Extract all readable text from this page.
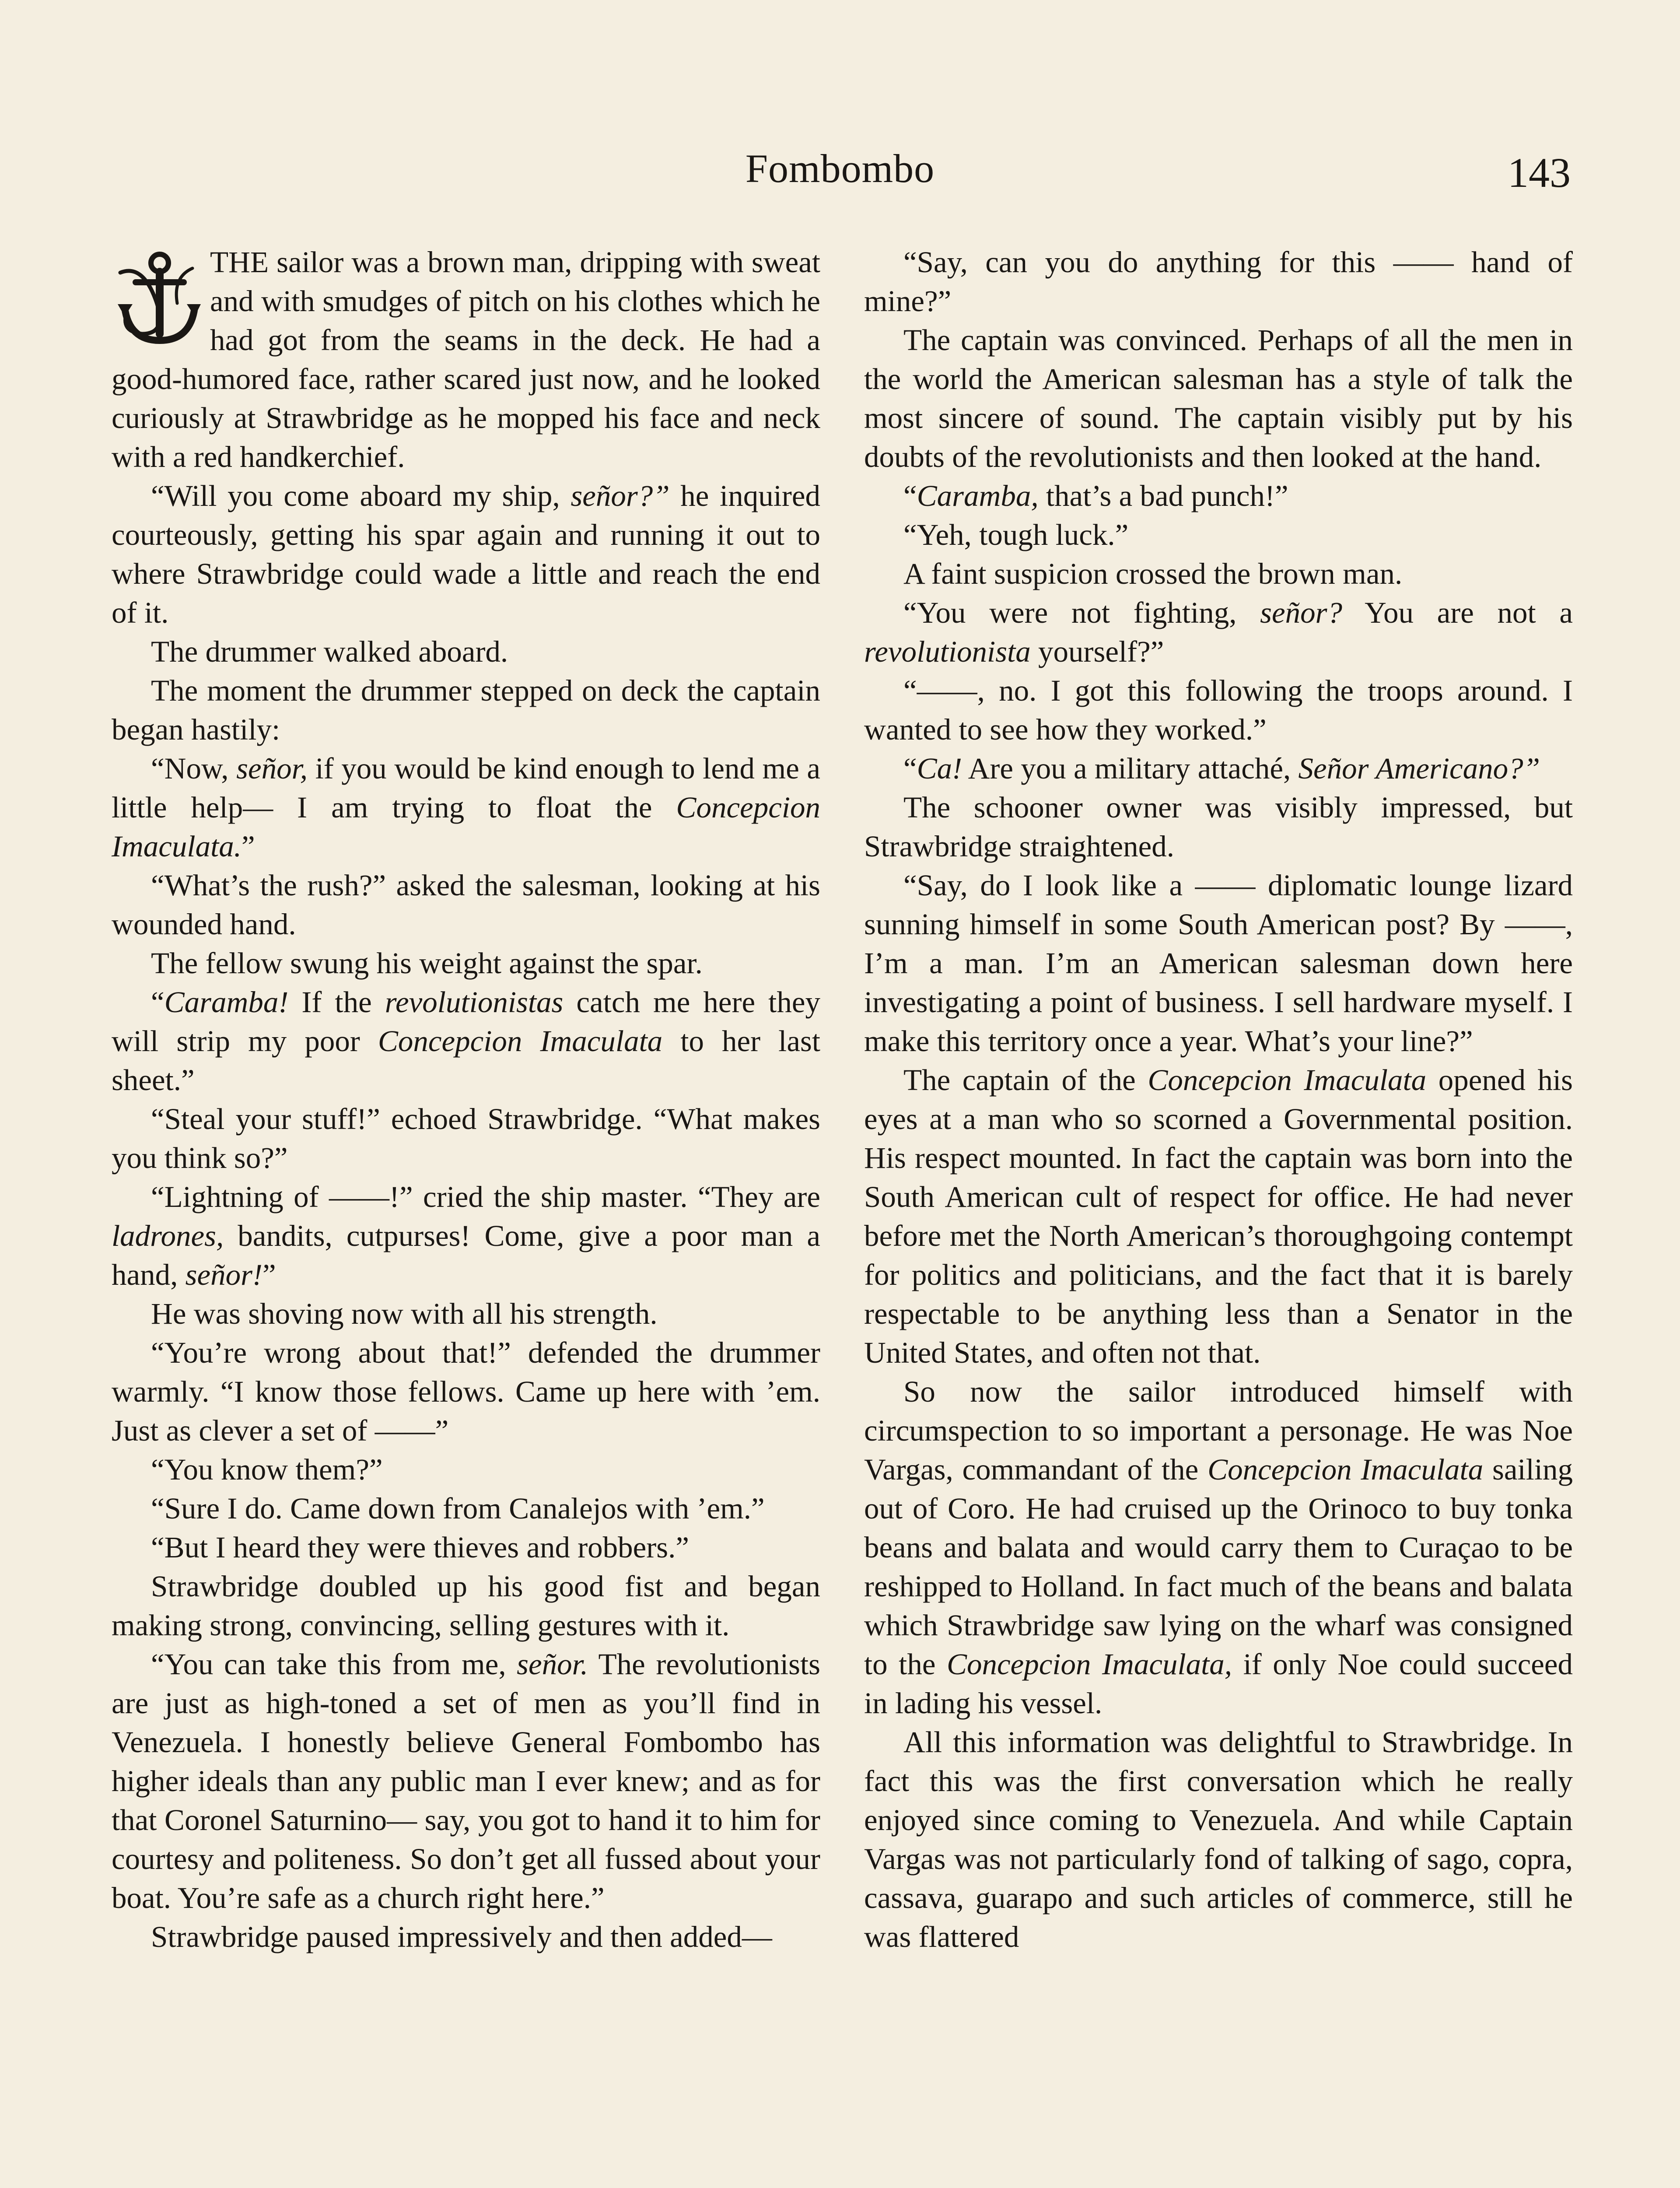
Fombombo	143

THE sailor was a brown man, dripping with sweat and with smudges of pitch on his clothes which he had got from the seams in the deck. He had a good-humored face, rather scared just now, and he looked curiously at Strawbridge as he mopped his face and neck with a red handkerchief.

“Will you come aboard my ship, señor?” he inquired courteously, getting his spar again and running it out to where Strawbridge could wade a little and reach the end of it.

The drummer walked aboard.

The moment the drummer stepped on deck the captain began hastily:

“Now, señor, if you would be kind enough to lend me a little help— I am trying to float the Concepcion Imaculata.”

“What’s the rush?” asked the salesman, looking at his wounded hand.

The fellow swung his weight against the spar.

“Caramba! If the revolutionistas catch me here they will strip my poor Concepcion Imaculata to her last sheet.”

“Steal your stuff!” echoed Strawbridge. “What makes you think so?”

“Lightning of ——!” cried the ship master. “They are ladrones, bandits, cutpurses! Come, give a poor man a hand, señor!”

He was shoving now with all his strength.

“You’re wrong about that!” defended the drummer warmly. “I know those fellows. Came up here with ’em. Just as clever a set of ——”

“You know them?”

“Sure I do. Came down from Canalejos with ’em.”

“But I heard they were thieves and robbers.”

Strawbridge doubled up his good fist and began making strong, convincing, selling gestures with it.

“You can take this from me, señor. The revolutionists are just as high-toned a set of men as you’ll find in Venezuela. I honestly believe General Fombombo has higher ideals than any public man I ever knew; and as for that Coronel Saturnino— say, you got to hand it to him for courtesy and politeness. So don’t get all fussed about your boat. You’re safe as a church right here.”

Strawbridge paused impressively and then added—

“Say, can you do anything for this —— hand of mine?”

The captain was convinced. Perhaps of all the men in the world the American salesman has a style of talk the most sincere of sound. The captain visibly put by his doubts of the revolutionists and then looked at the hand.

“Caramba, that’s a bad punch!”

“Yeh, tough luck.”

A faint suspicion crossed the brown man.

“You were not fighting, señor? You are not a revolutionista yourself?”

“——, no. I got this following the troops around. I wanted to see how they worked.”

“Ca! Are you a military attaché, Señor Americano?”

The schooner owner was visibly impressed, but Strawbridge straightened.

“Say, do I look like a —— diplomatic lounge lizard sunning himself in some South American post? By ——, I’m a man. I’m an American salesman down here investigating a point of business. I sell hardware myself. I make this territory once a year. What’s your line?”

The captain of the Concepcion Imaculata opened his eyes at a man who so scorned a Governmental position. His respect mounted. In fact the captain was born into the South American cult of respect for office. He had never before met the North American’s thoroughgoing contempt for politics and politicians, and the fact that it is barely respectable to be anything less than a Senator in the United States, and often not that.

So now the sailor introduced himself with circumspection to so important a personage. He was Noe Vargas, commandant of the Concepcion Imaculata sailing out of Coro. He had cruised up the Orinoco to buy tonka beans and balata and would carry them to Curaçao to be reshipped to Holland. In fact much of the beans and balata which Strawbridge saw lying on the wharf was consigned to the Concepcion Imaculata, if only Noe could succeed in lading his vessel.

All this information was delightful to Strawbridge. In fact this was the first conversation which he really enjoyed since coming to Venezuela. And while Captain Vargas was not particularly fond of talking of sago, copra, cassava, guarapo and such articles of commerce, still he was flattered
